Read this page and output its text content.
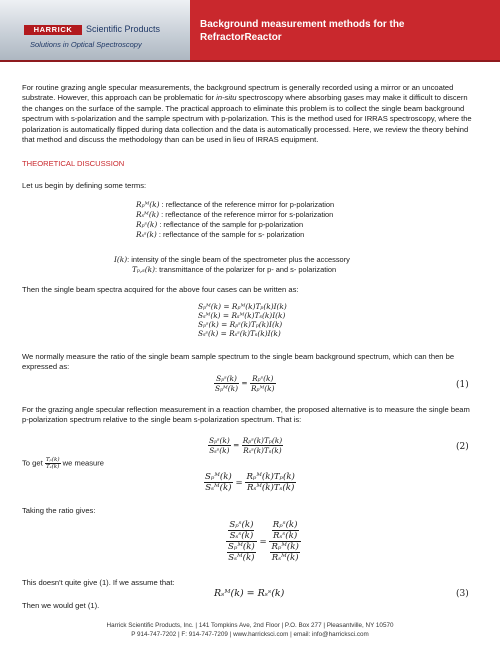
HARRICK	Scientific Products
Solutions in Optical Spectroscopy
Background measurement methods for the
RefractorReactor
For routine grazing angle specular measurements, the background spectrum is generally recorded using a mirror or an uncoated substrate. However, this approach can be problematic for in-situ spectroscopy where absorbing gases may make it difficult to discern the changes on the surface of the sample. The practical approach to eliminate this problem is to collect the single beam background spectrum with s-polarization and the sample spectrum with p-polarization. This is the method used for IRRAS spectroscopy, where the polarization is automatically flipped during data collection and the data is automatically processed. Here, we review the theory behind that method and discuss the methodology than can be used in lieu of IRRAS equipment.
THEORETICAL DISCUSSION
Let us begin by defining some terms:
Rₚᴹ(k) : reflectance of the reference mirror for p-polarization
Rₛᴹ(k) : reflectance of the reference mirror for s-polarization
Rₚˢ(k) : reflectance of the sample for p-polarization
Rₛˢ(k) : reflectance of the sample for s- polarization
I(k): intensity of the single beam of the spectrometer plus the accessory
Tₚ,ₛ(k): transmittance of the polarizer for p- and s- polarization
Then the single beam spectra acquired for the above four cases can be written as:
Sₚᴹ(k) = Rₚᴹ(k)Tₚ(k)I(k)
Sₛᴹ(k) = Rₛᴹ(k)Tₛ(k)I(k)
Sₚˢ(k) = Rₚˢ(k)Tₚ(k)I(k)
Sₛˢ(k) = Rₛˢ(k)Tₛ(k)I(k)
We normally measure the ratio of the single beam sample spectrum to the single beam background spectrum, which can then be expressed as:
$\frac{\text{Sₚˢ(k)}}{\text{Sₚᴹ(k)}} = \frac{\text{Rₚˢ(k)}}{\text{Rₚᴹ(k)}}$	(1)
For the grazing angle specular reflection measurement in a reaction chamber, the proposed alternative is to measure the single beam p-polarization spectrum relative to the single beam s-polarization spectrum. That is:
$\frac{\text{Sₚˢ(k)}}{\text{Sₛˢ(k)}} = \frac{\text{Rₚˢ(k)Tₚ(k)}}{\text{Rₛˢ(k)Tₛ(k)}}$	(2)
To get $\frac{\text{Tₚ(k)}}{\text{Tₛ(k)}}$ we measure
$\frac{\text{Sₚᴹ(k)}}{\text{Sₛᴹ(k)}} = \frac{\text{Rₚᴹ(k)Tₚ(k)}}{\text{Rₛᴹ(k)Tₛ(k)}}$
Taking the ratio gives:
$\frac{\frac{\text{Sₚˢ(k)}}{\text{Sₛˢ(k)}}}{\frac{\text{Sₚᴹ(k)}}{\text{Sₛᴹ(k)}}} = \frac{\frac{\text{Rₚˢ(k)}}{\text{Rₛˢ(k)}}}{\frac{\text{Rₚᴹ(k)}}{\text{Rₛᴹ(k)}}}$
This doesn't quite give (1). If we assume that:
Rₛᴹ(k) = Rₛˢ(k)	(3)
Then we would get (1).
Harrick Scientific Products, Inc. | 141 Tompkins Ave, 2nd Floor | P.O. Box 277 | Pleasantville, NY 10570
P 914-747-7202 | F: 914-747-7209 | www.harricksci.com | email: info@harricksci.com
